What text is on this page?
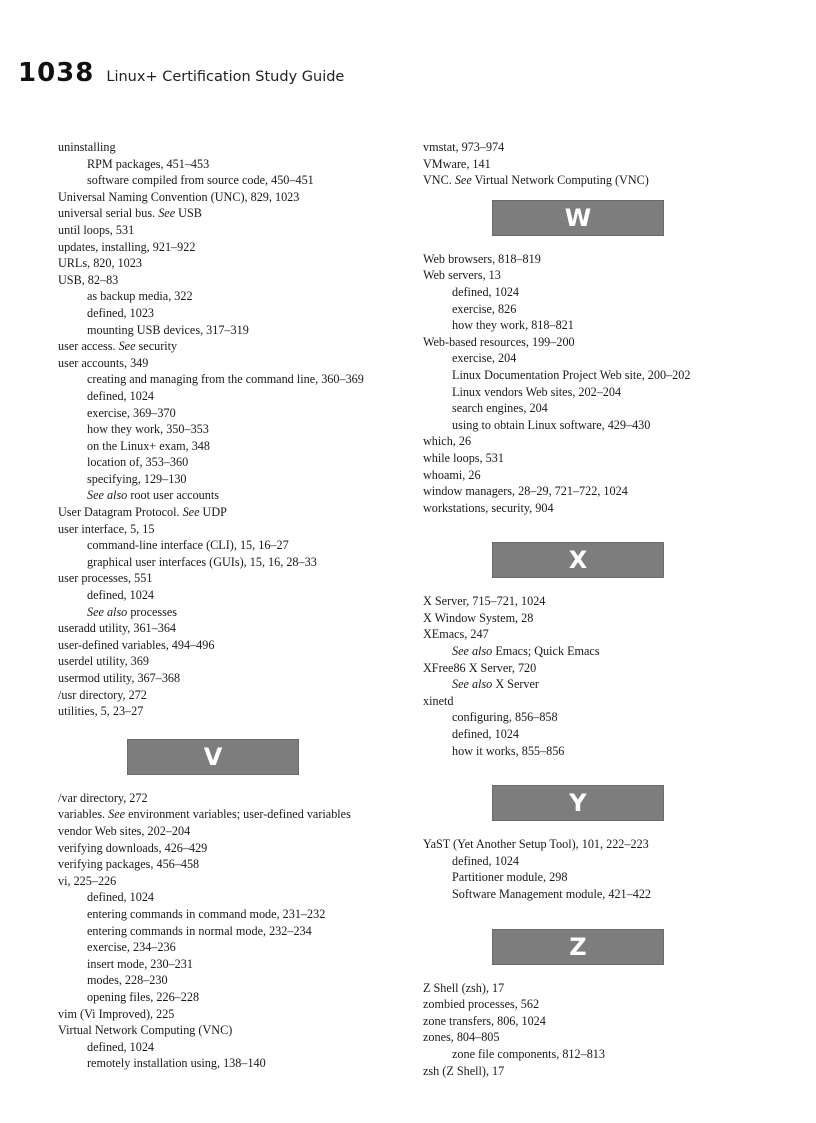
1038 Linux+ Certification Study Guide
uninstalling
RPM packages, 451–453
software compiled from source code, 450–451
Universal Naming Convention (UNC), 829, 1023
universal serial bus. See USB
until loops, 531
updates, installing, 921–922
URLs, 820, 1023
USB, 82–83
as backup media, 322
defined, 1023
mounting USB devices, 317–319
user access. See security
user accounts, 349
creating and managing from the command line, 360–369
defined, 1024
exercise, 369–370
how they work, 350–353
on the Linux+ exam, 348
location of, 353–360
specifying, 129–130
See also root user accounts
User Datagram Protocol. See UDP
user interface, 5, 15
command-line interface (CLI), 15, 16–27
graphical user interfaces (GUIs), 15, 16, 28–33
user processes, 551
defined, 1024
See also processes
useradd utility, 361–364
user-defined variables, 494–496
userdel utility, 369
usermod utility, 367–368
/usr directory, 272
utilities, 5, 23–27
V
/var directory, 272
variables. See environment variables; user-defined variables
vendor Web sites, 202–204
verifying downloads, 426–429
verifying packages, 456–458
vi, 225–226
defined, 1024
entering commands in command mode, 231–232
entering commands in normal mode, 232–234
exercise, 234–236
insert mode, 230–231
modes, 228–230
opening files, 226–228
vim (Vi Improved), 225
Virtual Network Computing (VNC)
defined, 1024
remotely installation using, 138–140
vmstat, 973–974
VMware, 141
VNC. See Virtual Network Computing (VNC)
W
Web browsers, 818–819
Web servers, 13
defined, 1024
exercise, 826
how they work, 818–821
Web-based resources, 199–200
exercise, 204
Linux Documentation Project Web site, 200–202
Linux vendors Web sites, 202–204
search engines, 204
using to obtain Linux software, 429–430
which, 26
while loops, 531
whoami, 26
window managers, 28–29, 721–722, 1024
workstations, security, 904
X
X Server, 715–721, 1024
X Window System, 28
XEmacs, 247
See also Emacs; Quick Emacs
XFree86 X Server, 720
See also X Server
xinetd
configuring, 856–858
defined, 1024
how it works, 855–856
Y
YaST (Yet Another Setup Tool), 101, 222–223
defined, 1024
Partitioner module, 298
Software Management module, 421–422
Z
Z Shell (zsh), 17
zombied processes, 562
zone transfers, 806, 1024
zones, 804–805
zone file components, 812–813
zsh (Z Shell), 17
